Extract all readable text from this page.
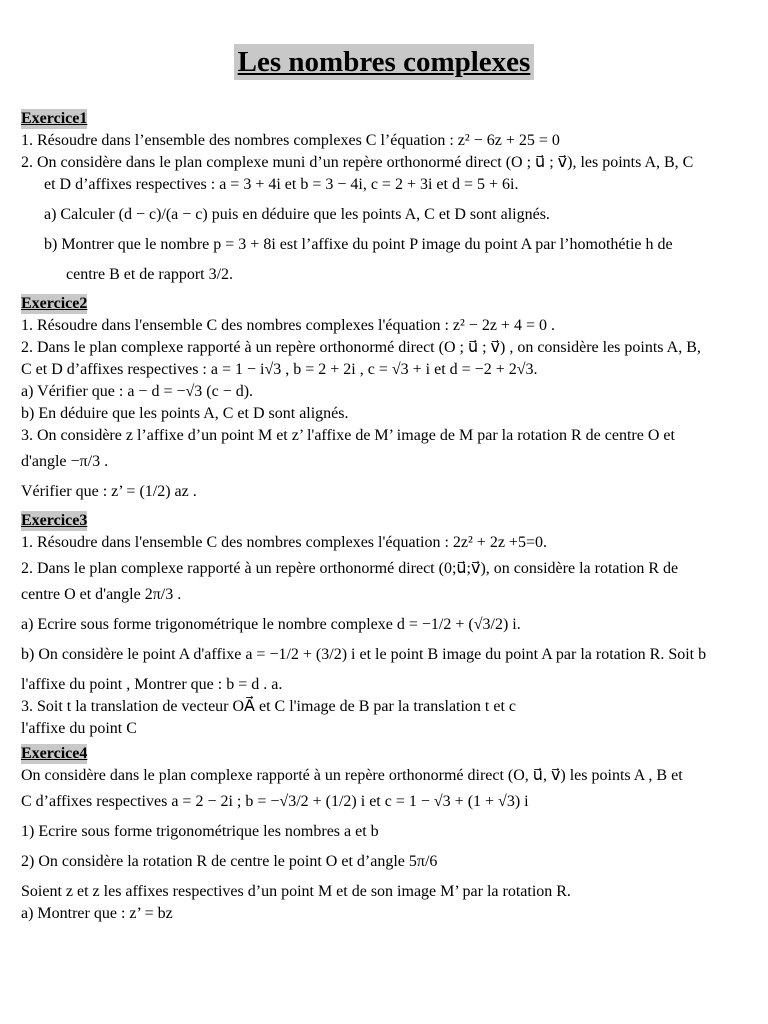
Les nombres complexes
Exercice1

1. Résoudre dans l’ensemble des nombres complexes C l’équation : z² − 6z + 25 = 0

2. On considère dans le plan complexe muni d’un repère orthonormé direct (O ; u⃗ ; v⃗), les points A, B, C

et D d’affixes respectives : a = 3 + 4i et b = 3 − 4i, c = 2 + 3i et d = 5 + 6i.

a) Calculer (d − c)/(a − c) puis en déduire que les points A, C et D sont alignés.

b) Montrer que le nombre p = 3 + 8i est l’affixe du point P image du point A par l’homothétie h de

centre B et de rapport 3/2.

Exercice2

1. Résoudre dans l'ensemble C des nombres complexes l'équation : z² − 2z + 4 = 0 .

2. Dans le plan complexe rapporté à un repère orthonormé direct (O ; u⃗ ; v⃗) , on considère les points A, B,

C et D d’affixes respectives : a = 1 − i√3 , b = 2 + 2i , c = √3 + i et d = −2 + 2√3.

a) Vérifier que : a − d = −√3 (c − d).

b) En déduire que les points A, C et D sont alignés.

3. On considère z l’affixe d’un point M et z’ l'affixe de M’ image de M par la rotation R de centre O et

d'angle −π/3 .

Vérifier que : z’ = (1/2) az .

Exercice3

1. Résoudre dans l'ensemble C des nombres complexes l'équation : 2z² + 2z +5=0.

2. Dans le plan complexe rapporté à un repère orthonormé direct (0;u⃗;v⃗), on considère la rotation R de

centre O et d'angle 2π/3 .

a) Ecrire sous forme trigonométrique le nombre complexe d = −1/2 + (√3/2) i.

b) On considère le point A d'affixe a = −1/2 + (3/2) i et le point B image du point A par la rotation R. Soit b

l'affixe du point , Montrer que : b = d . a.

3. Soit t la translation de vecteur OA⃗ et C l'image de B par la translation t et c

l'affixe du point C

Exercice4

On considère dans le plan complexe rapporté à un repère orthonormé direct (O, u⃗, v⃗) les points A , B et

C d’affixes respectives a = 2 − 2i ; b = −√3/2 + (1/2) i et c = 1 − √3 + (1 + √3) i

1) Ecrire sous forme trigonométrique les nombres a et b

2) On considère la rotation R de centre le point O et d’angle 5π/6

Soient z et z les affixes respectives d’un point M et de son image M’ par la rotation R.

a) Montrer que : z’ = bz
